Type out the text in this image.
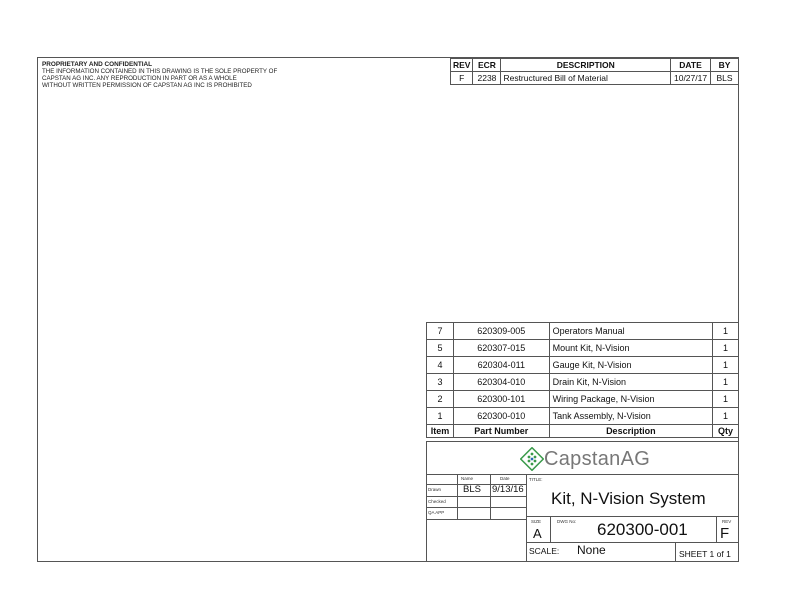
PROPRIETARY AND CONFIDENTIAL
THE INFORMATION CONTAINED IN THIS DRAWING IS THE SOLE PROPERTY OF
CAPSTAN AG INC. ANY REPRODUCTION IN PART OR AS A WHOLE
WITHOUT WRITTEN PERMISSION OF CAPSTAN AG INC IS PROHIBITED
REV	ECR	DESCRIPTION	DATE	BY
F	2238	Restructured Bill of Material	10/27/17	BLS
7	620309-005	Operators Manual	1
5	620307-015	Mount Kit, N-Vision	1
4	620304-011	Gauge Kit, N-Vision	1
3	620304-010	Drain Kit, N-Vision	1
2	620300-101	Wiring Package, N-Vision	1
1	620300-010	Tank Assembly, N-Vision	1
Item	Part Number	Description	Qty
CapstanAG
Name	Date
Drawn BLS 9/13/16
Checked
QA APP
TITLE:
Kit, N-Vision System
SIZE
A
DWG No: 620300-001	REV
F
SCALE: None	SHEET 1 of 1
